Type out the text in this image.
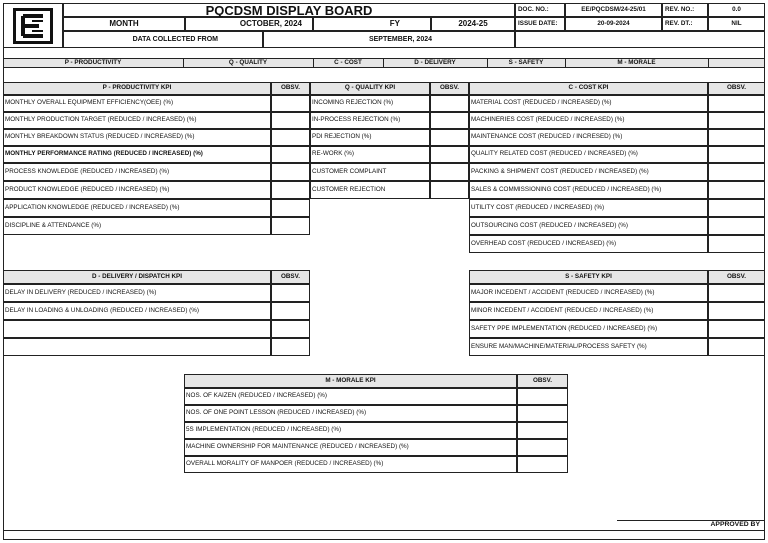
PQCDSM DISPLAY BOARD
MONTH	OCTOBER, 2024	FY	2024-25
DATA COLLECTED FROM	SEPTEMBER, 2024
DOC. NO.:	EE/PQCDSM/24-25/01	REV. NO.:	0.0
ISSUE DATE:	20-09-2024	REV. DT.:	NIL
P - PRODUCTIVITY	Q - QUALITY	C - COST	D - DELIVERY	S - SAFETY	M - MORALE
P - PRODUCTIVITY KPI	OBSV.
MONTHLY OVERALL EQUIPMENT EFFICIENCY(OEE) (%)
MONTHLY PRODUCTION TARGET (REDUCED / INCREASED) (%)
MONTHLY BREAKDOWN STATUS (REDUCED / INCREASED) (%)
MONTHLY PERFORMANCE RATING (REDUCED / INCREASED) (%)
PROCESS KNOWLEDGE (REDUCED / INCREASED) (%)
PRODUCT KNOWLEDGE (REDUCED / INCREASED) (%)
APPLICATION KNOWLEDGE (REDUCED / INCREASED) (%)
DISCIPLINE & ATTENDANCE (%)
Q - QUALITY KPI	OBSV.
INCOMING REJECTION (%)
IN-PROCESS REJECTION (%)
PDI REJECTION (%)
RE-WORK (%)
CUSTOMER COMPLAINT
CUSTOMER REJECTION
C - COST KPI	OBSV.
MATERIAL COST (REDUCED / INCREASED) (%)
MACHINERIES COST (REDUCED / INCREASED) (%)
MAINTENANCE COST (REDUCED / INCRESED) (%)
QUALITY RELATED COST (REDUCED / INCREASED) (%)
PACKING & SHIPMENT COST (REDUCED / INCREASED) (%)
SALES & COMMISSIONING COST (REDUCED / INCREASED) (%)
UTILITY COST (REDUCED / INCREASED) (%)
OUTSOURCING COST (REDUCED / INCREASED) (%)
OVERHEAD COST (REDUCED / INCREASED) (%)
D - DELIVERY / DISPATCH KPI	OBSV.
DELAY IN DELIVERY (REDUCED / INCREASED) (%)
DELAY IN LOADING & UNLOADING (REDUCED / INCREASED) (%)
S - SAFETY KPI	OBSV.
MAJOR INCEDENT / ACCIDENT (REDUCED / INCREASED) (%)
MINOR INCEDENT / ACCIDENT (REDUCED / INCREASED) (%)
SAFETY PPE IMPLEMENTATION (REDUCED / INCREASED) (%)
ENSURE MAN/MACHINE/MATERIAL/PROCESS SAFETY (%)
M - MORALE KPI	OBSV.
NOS. OF KAIZEN (REDUCED / INCREASED) (%)
NOS. OF ONE POINT LESSON (REDUCED / INCREASED) (%)
5S IMPLEMENTATION (REDUCED / INCREASED) (%)
MACHINE OWNERSHIP FOR MAINTENANCE (REDUCED / INCREASED) (%)
OVERALL MORALITY OF MANPOER (REDUCED / INCREASED) (%)
APPROVED BY
